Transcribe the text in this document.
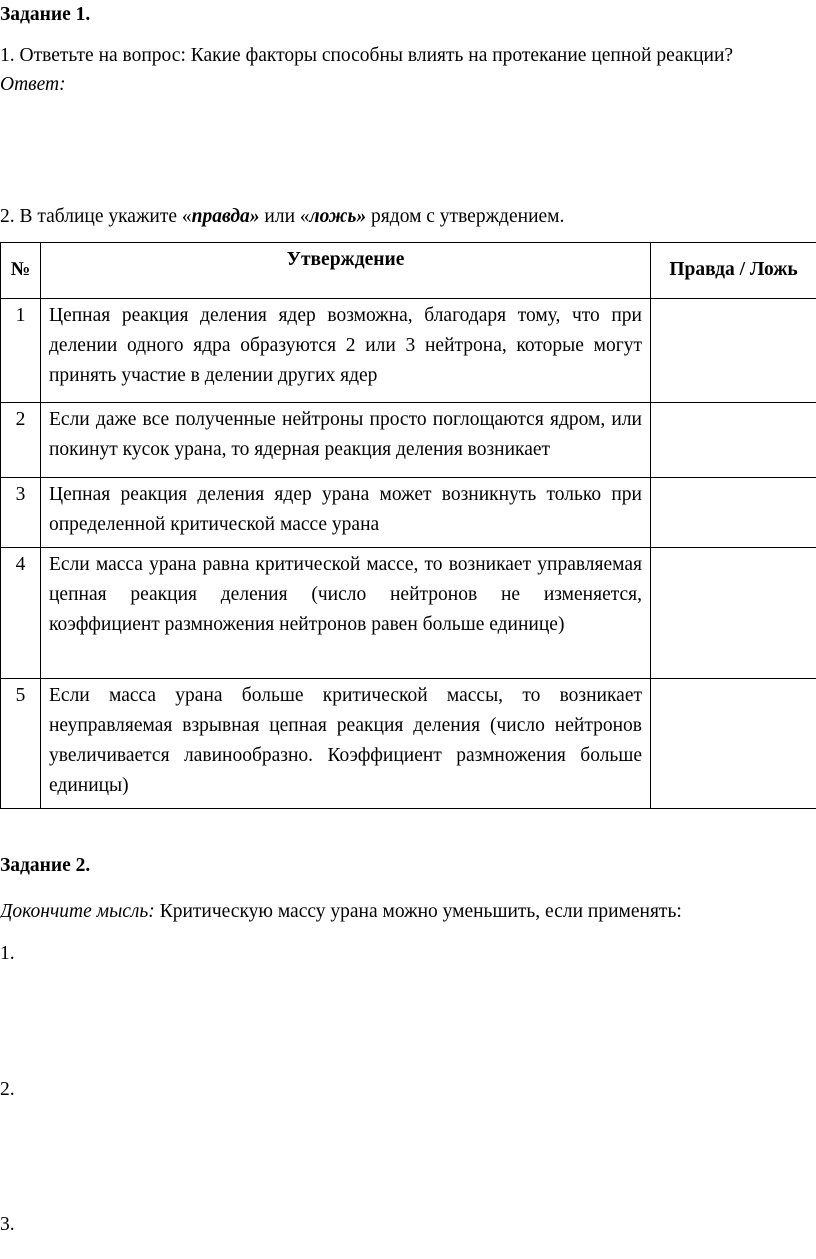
Задание 1.
1. Ответьте на вопрос: Какие факторы способны влиять на протекание цепной реакции?
Ответ:
2. В таблице укажите «правда» или «ложь» рядом с утверждением.
№	Утверждение	Правда / Ложь
1	Цепная реакция деления ядер возможна, благодаря тому, что при делении одного ядра образуются 2 или 3 нейтрона, которые могут принять участие в делении других ядер	
2	Если даже все полученные нейтроны просто поглощаются ядром, или покинут кусок урана, то ядерная реакция деления возникает	
3	Цепная реакция деления ядер урана может возникнуть только при определенной критической массе урана	
4	Если масса урана равна критической массе, то возникает управляемая цепная реакция деления (число нейтронов не изменяется, коэффициент размножения нейтронов равен больше единице)	
5	Если масса урана больше критической массы, то возникает неуправляемая взрывная цепная реакция деления (число нейтронов увеличивается лавинообразно. Коэффициент размножения больше единицы)	
Задание 2.
Докончите мысль: Критическую массу урана можно уменьшить, если применять:
1.
2.
3.
